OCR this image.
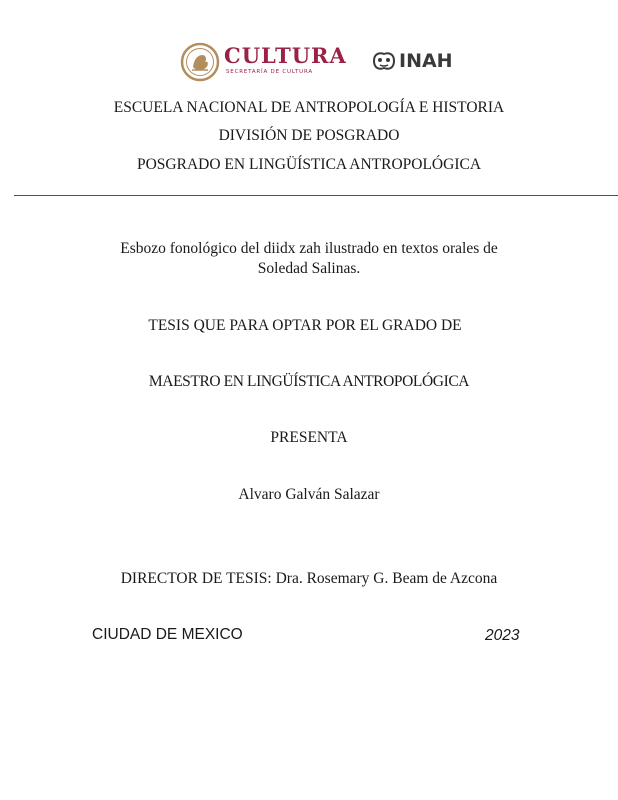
CULTURA
SECRETARÍA DE CULTURA	INAH
ESCUELA NACIONAL DE ANTROPOLOGÍA E HISTORIA
DIVISIÓN DE POSGRADO
POSGRADO EN LINGÜÍSTICA ANTROPOLÓGICA
Esbozo fonológico del diidx zah ilustrado en textos orales de
Soledad Salinas.
TESIS QUE PARA OPTAR POR EL GRADO DE
MAESTRO EN LINGÜÍSTICA ANTROPOLÓGICA
PRESENTA
Alvaro Galván Salazar
DIRECTOR DE TESIS: Dra. Rosemary G. Beam de Azcona
CIUDAD DE MEXICO	2023
